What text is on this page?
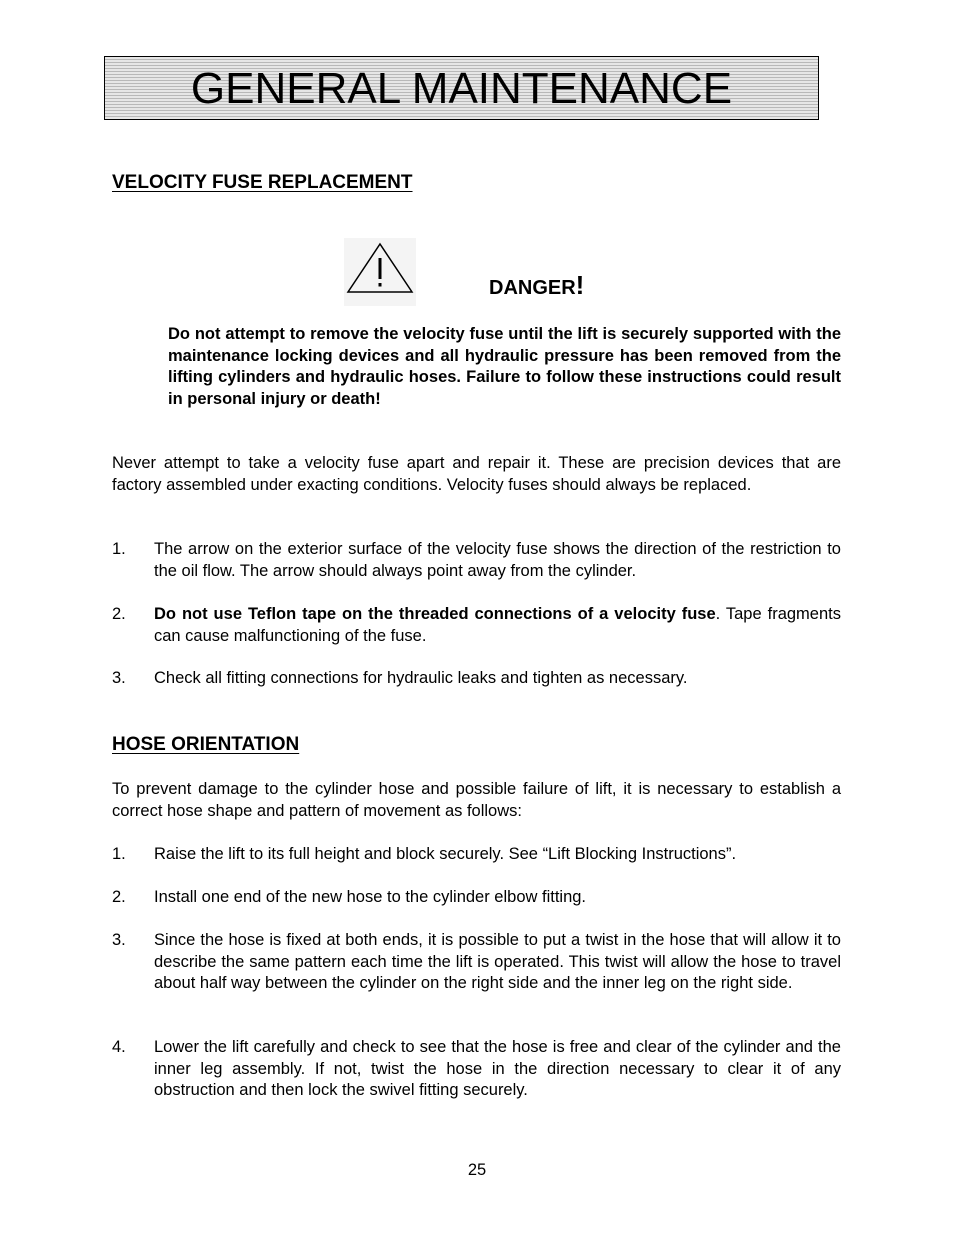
GENERAL MAINTENANCE
VELOCITY FUSE REPLACEMENT
DANGER!
Do not attempt to remove the velocity fuse until the lift is securely supported with the maintenance locking devices and all hydraulic pressure has been removed from the lifting cylinders and hydraulic hoses. Failure to follow these instructions could result in personal injury or death!
Never attempt to take a velocity fuse apart and repair it. These are precision devices that are factory assembled under exacting conditions. Velocity fuses should always be replaced.
1. The arrow on the exterior surface of the velocity fuse shows the direction of the restriction to the oil flow. The arrow should always point away from the cylinder.
2. Do not use Teflon tape on the threaded connections of a velocity fuse. Tape fragments can cause malfunctioning of the fuse.
3. Check all fitting connections for hydraulic leaks and tighten as necessary.
HOSE ORIENTATION
To prevent damage to the cylinder hose and possible failure of lift, it is necessary to establish a correct hose shape and pattern of movement as follows:
1. Raise the lift to its full height and block securely. See “Lift Blocking Instructions”.
2. Install one end of the new hose to the cylinder elbow fitting.
3. Since the hose is fixed at both ends, it is possible to put a twist in the hose that will allow it to describe the same pattern each time the lift is operated. This twist will allow the hose to travel about half way between the cylinder on the right side and the inner leg on the right side.
4. Lower the lift carefully and check to see that the hose is free and clear of the cylinder and the inner leg assembly. If not, twist the hose in the direction necessary to clear it of any obstruction and then lock the swivel fitting securely.
25
